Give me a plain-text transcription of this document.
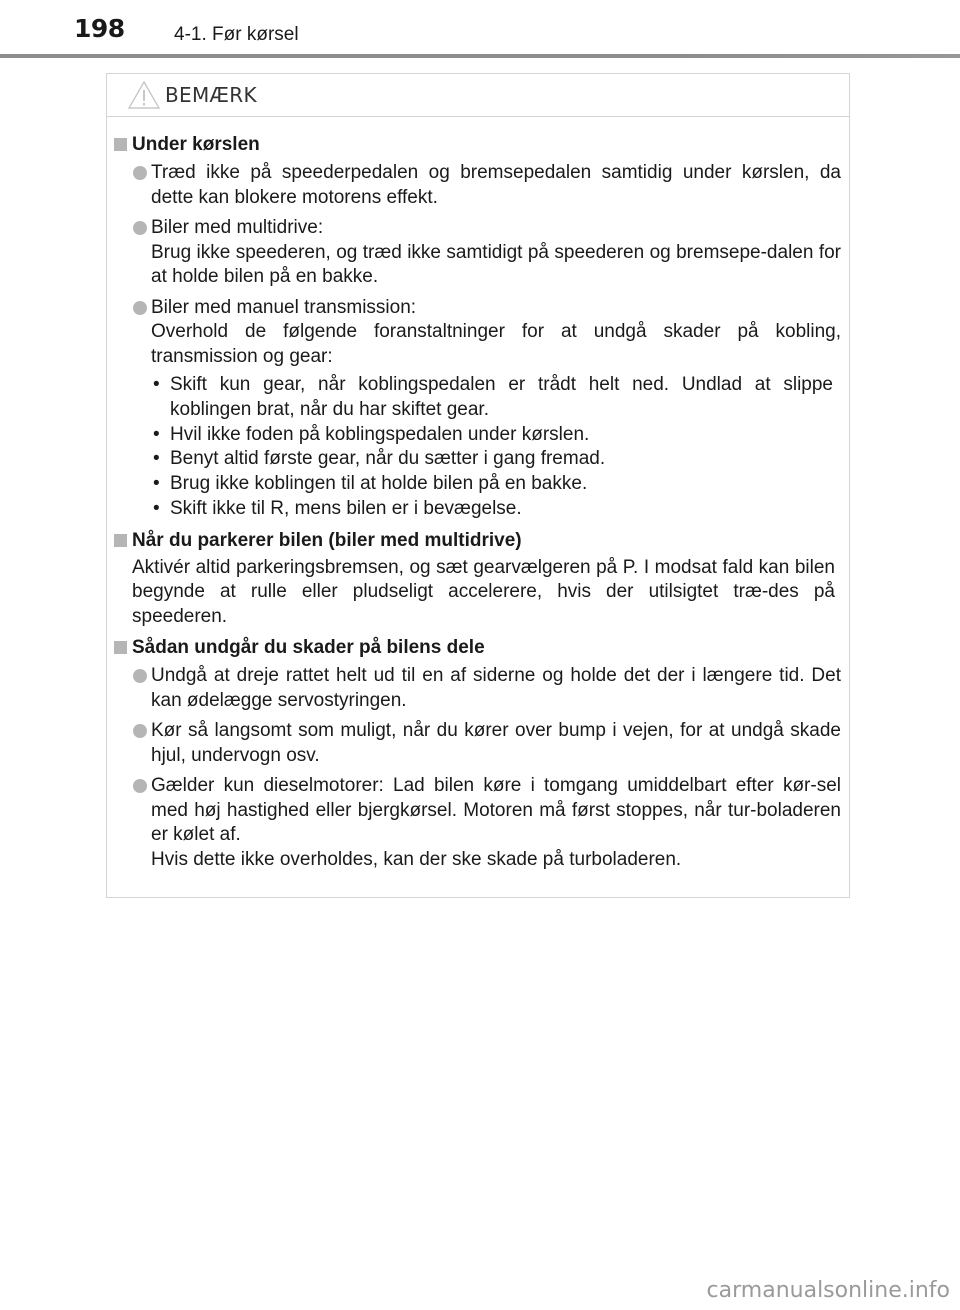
198	4-1. Før kørsel
BEMÆRK
Under kørslen
Træd ikke på speederpedalen og bremsepedalen samtidig under kørslen, da dette kan blokere motorens effekt.
Biler med multidrive:
Brug ikke speederen, og træd ikke samtidigt på speederen og bremsepe-dalen for at holde bilen på en bakke.
Biler med manuel transmission:
Overhold de følgende foranstaltninger for at undgå skader på kobling, transmission og gear:
• Skift kun gear, når koblingspedalen er trådt helt ned. Undlad at slippe koblingen brat, når du har skiftet gear.
• Hvil ikke foden på koblingspedalen under kørslen.
• Benyt altid første gear, når du sætter i gang fremad.
• Brug ikke koblingen til at holde bilen på en bakke.
• Skift ikke til R, mens bilen er i bevægelse.
Når du parkerer bilen (biler med multidrive)
Aktivér altid parkeringsbremsen, og sæt gearvælgeren på P. I modsat fald kan bilen begynde at rulle eller pludseligt accelerere, hvis der utilsigtet træ-des på speederen.
Sådan undgår du skader på bilens dele
Undgå at dreje rattet helt ud til en af siderne og holde det der i længere tid. Det kan ødelægge servostyringen.
Kør så langsomt som muligt, når du kører over bump i vejen, for at undgå skade hjul, undervogn osv.
Gælder kun dieselmotorer: Lad bilen køre i tomgang umiddelbart efter kør-sel med høj hastighed eller bjergkørsel. Motoren må først stoppes, når tur-boladeren er kølet af.
Hvis dette ikke overholdes, kan der ske skade på turboladeren.
carmanualsonline.info
